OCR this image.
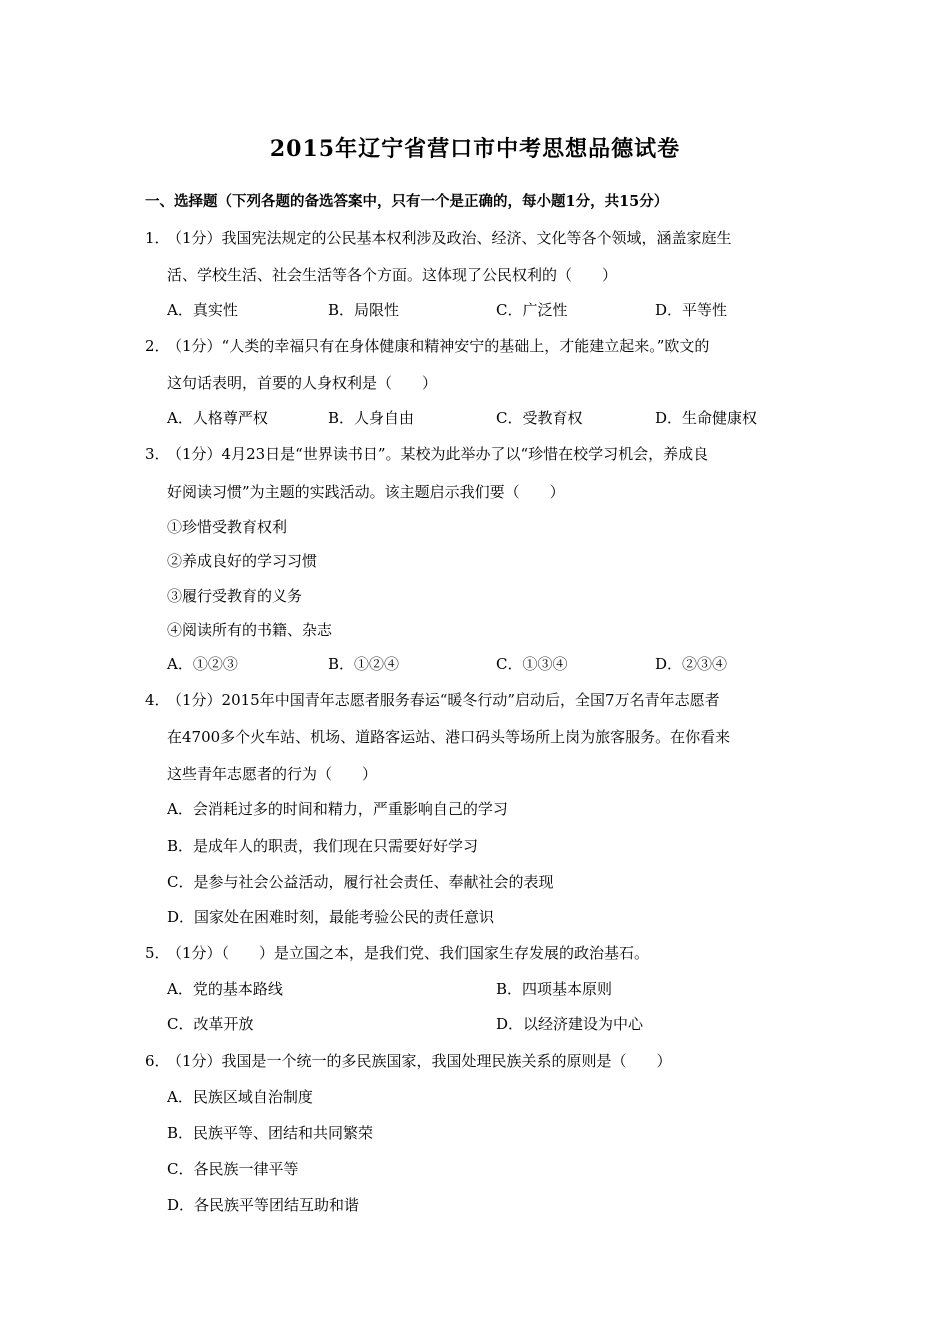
2015年辽宁省营口市中考思想品德试卷
一、选择题（下列各题的备选答案中，只有一个是正确的，每小题1分，共15分）
1．（1分）我国宪法规定的公民基本权利涉及政治、经济、文化等各个领域，涵盖家庭生
活、学校生活、社会生活等各个方面。这体现了公民权利的（　　）
A．真实性	B．局限性	C．广泛性	D．平等性
2．（1分）“人类的幸福只有在身体健康和精神安宁的基础上，才能建立起来。”欧文的
这句话表明，首要的人身权利是（　　）
A．人格尊严权	B．人身自由	C．受教育权	D．生命健康权
3．（1分）4月23日是“世界读书日”。某校为此举办了以“珍惜在校学习机会，养成良
好阅读习惯”为主题的实践活动。该主题启示我们要（　　）
①珍惜受教育权利
②养成良好的学习习惯
③履行受教育的义务
④阅读所有的书籍、杂志
A．①②③	B．①②④	C．①③④	D．②③④
4．（1分）2015年中国青年志愿者服务春运“暖冬行动”启动后，全国7万名青年志愿者
在4700多个火车站、机场、道路客运站、港口码头等场所上岗为旅客服务。在你看来
这些青年志愿者的行为（　　）
A．会消耗过多的时间和精力，严重影响自己的学习
B．是成年人的职责，我们现在只需要好好学习
C．是参与社会公益活动，履行社会责任、奉献社会的表现
D．国家处在困难时刻，最能考验公民的责任意识
5．（1分）（　　）是立国之本，是我们党、我们国家生存发展的政治基石。
A．党的基本路线	B．四项基本原则
C．改革开放	D．以经济建设为中心
6．（1分）我国是一个统一的多民族国家，我国处理民族关系的原则是（　　）
A．民族区域自治制度
B．民族平等、团结和共同繁荣
C．各民族一律平等
D．各民族平等团结互助和谐
